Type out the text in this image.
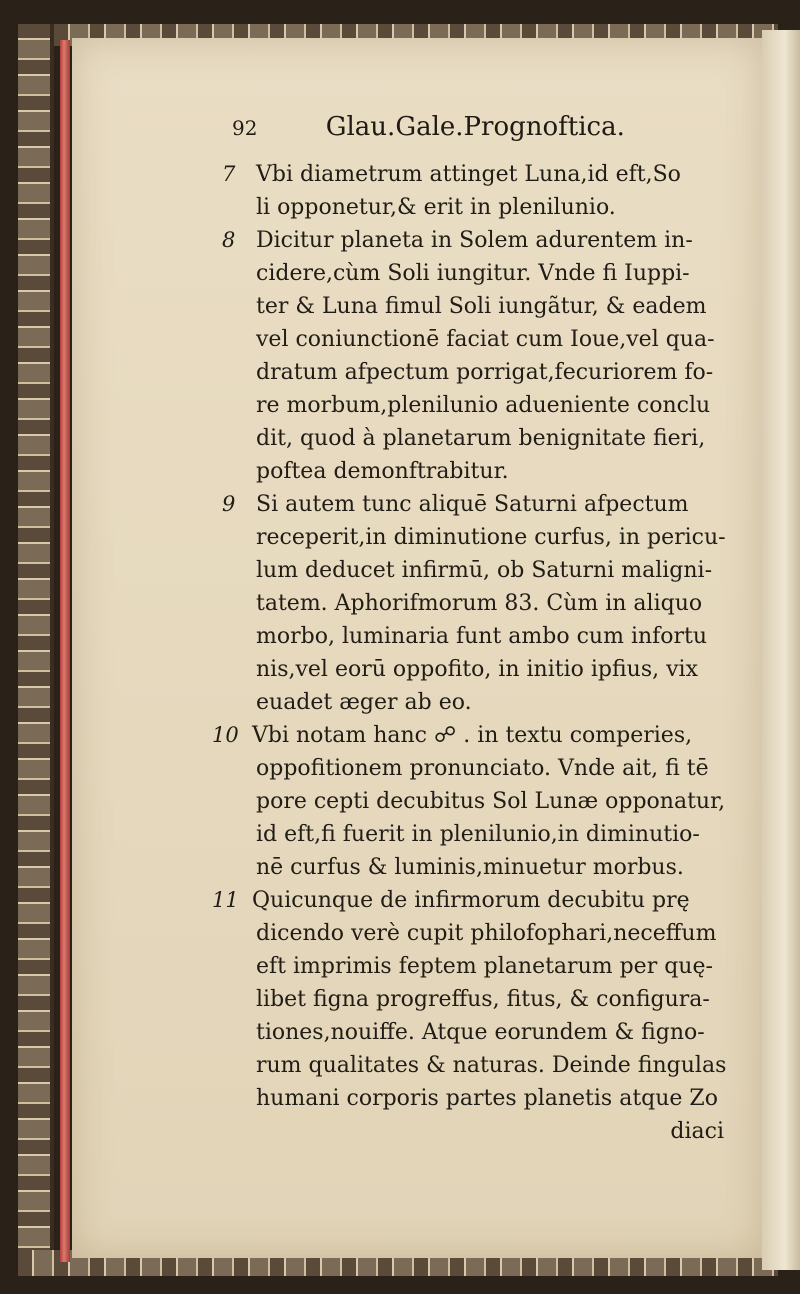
92	Glau.Gale.Prognoftica.
7 Vbi diametrum attinget Luna,id eft,So
li opponetur,& erit in plenilunio.
8 Dicitur planeta in Solem adurentem in-
cidere,cùm Soli iungitur. Vnde fi Iuppi-
ter & Luna fimul Soli iungãtur, & eadem
vel coniunctionē faciat cum Ioue,vel qua-
dratum afpectum porrigat,fecuriorem fo-
re morbum,plenilunio adueniente conclu
dit, quod à planetarum benignitate fieri,
poftea demonftrabitur.
9 Si autem tunc aliquē Saturni afpectum
receperit,in diminutione curfus, in pericu-
lum deducet infirmū, ob Saturni maligni-
tatem. Aphorifmorum 83. Cùm in aliquo
morbo, luminaria funt ambo cum infortu
nis,vel eorū oppofito, in initio ipfius, vix
euadet æger ab eo.
10 Vbi notam hanc ☍ . in textu comperies,
oppofitionem pronunciato. Vnde ait, fi tē
pore cepti decubitus Sol Lunæ opponatur,
id eft,fi fuerit in plenilunio,in diminutio-
nē curfus & luminis,minuetur morbus.
11 Quicunque de infirmorum decubitu prę
dicendo verè cupit philofophari,neceffum
eft imprimis feptem planetarum per quę-
libet figna progreffus, fitus, & configura-
tiones,nouiffe. Atque eorundem & figno-
rum qualitates & naturas. Deinde fingulas
humani corporis partes planetis atque Zo
diaci
